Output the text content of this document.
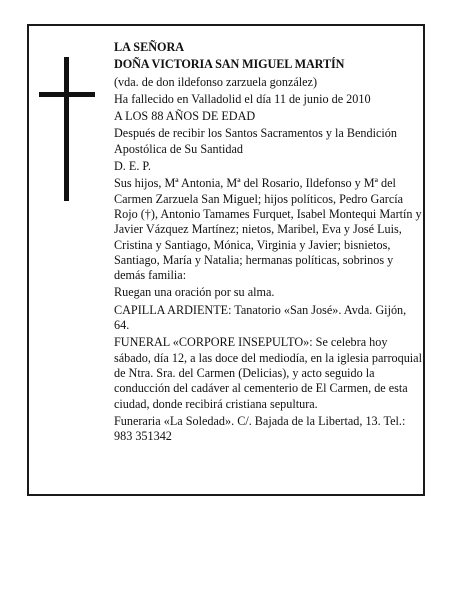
LA SEÑORA

DOÑA VICTORIA SAN MIGUEL MARTÍN

(vda. de don ildefonso zarzuela gonzález)

Ha fallecido en Valladolid el día 11 de junio de 2010

A LOS 88 AÑOS DE EDAD

Después de recibir los Santos Sacramentos y la Bendición Apostólica de Su Santidad

D. E. P.

Sus hijos, Mª Antonia, Mª del Rosario, Ildefonso y Mª del Carmen Zarzuela San Miguel; hijos políticos, Pedro García Rojo (†), Antonio Tamames Furquet, Isabel Montequi Martín y Javier Vázquez Martínez; nietos, Maribel, Eva y José Luis, Cristina y Santiago, Mónica, Virginia y Javier; bisnietos, Santiago, María y Natalia; hermanas políticas, sobrinos y demás familia:

Ruegan una oración por su alma.

CAPILLA ARDIENTE: Tanatorio «San José». Avda. Gijón, 64.

FUNERAL «CORPORE INSEPULTO»: Se celebra hoy sábado, día 12, a las doce del mediodía, en la iglesia parroquial de Ntra. Sra. del Carmen (Delicias), y acto seguido la conducción del cadáver al cementerio de El Carmen, de esta ciudad, donde recibirá cristiana sepultura.

Funeraria «La Soledad». C/. Bajada de la Libertad, 13. Tel.: 983 351342
